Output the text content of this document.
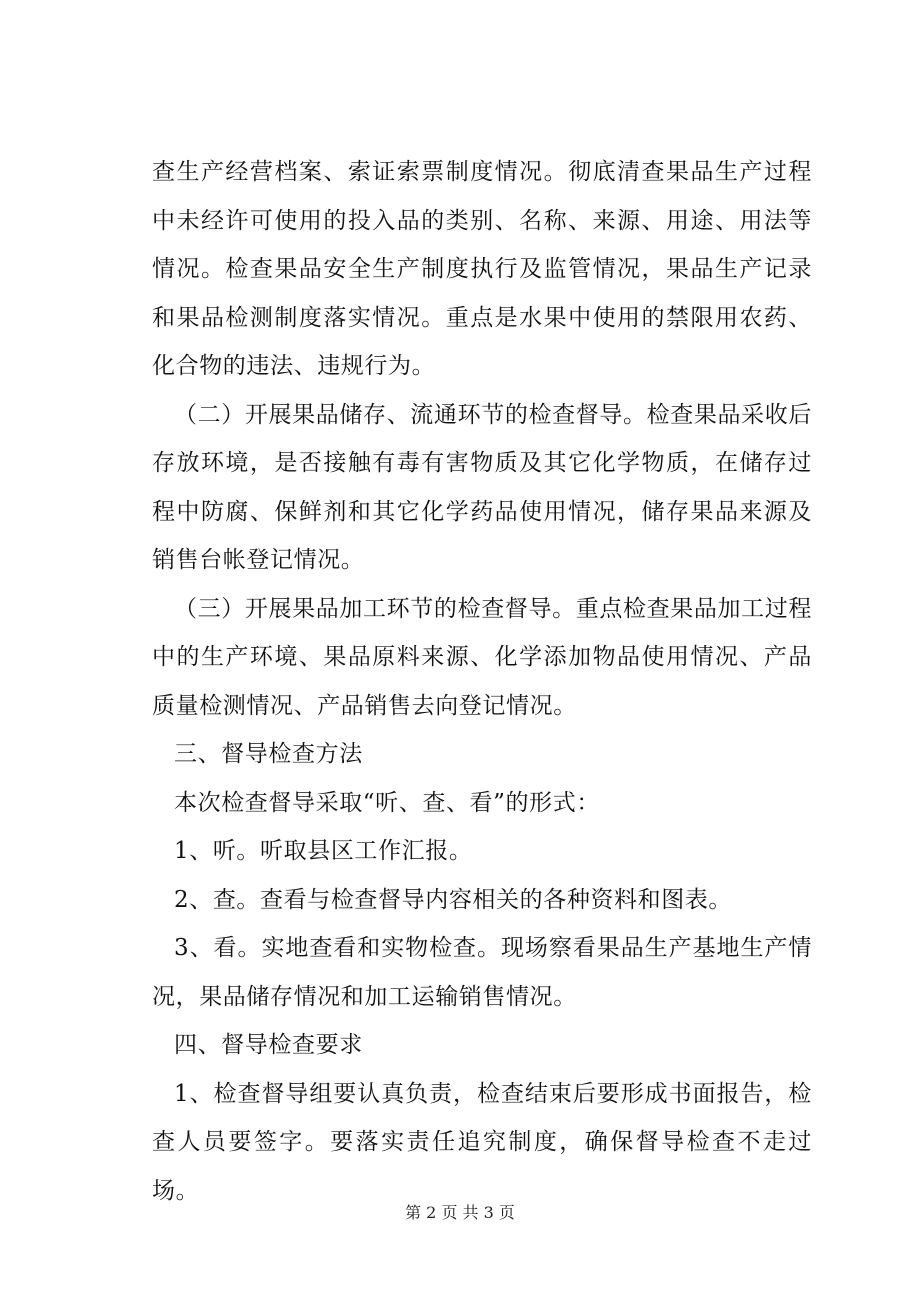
查生产经营档案、索证索票制度情况。彻底清查果品生产过程中未经许可使用的投入品的类别、名称、来源、用途、用法等情况。检查果品安全生产制度执行及监管情况，果品生产记录和果品检测制度落实情况。重点是水果中使用的禁限用农药、化合物的违法、违规行为。

（二）开展果品储存、流通环节的检查督导。检查果品采收后存放环境，是否接触有毒有害物质及其它化学物质，在储存过程中防腐、保鲜剂和其它化学药品使用情况，储存果品来源及销售台帐登记情况。

（三）开展果品加工环节的检查督导。重点检查果品加工过程中的生产环境、果品原料来源、化学添加物品使用情况、产品质量检测情况、产品销售去向登记情况。

三、督导检查方法

本次检查督导采取“听、查、看”的形式：

1、听。听取县区工作汇报。

2、查。查看与检查督导内容相关的各种资料和图表。

3、看。实地查看和实物检查。现场察看果品生产基地生产情况，果品储存情况和加工运输销售情况。

四、督导检查要求

1、检查督导组要认真负责，检查结束后要形成书面报告，检查人员要签字。要落实责任追究制度，确保督导检查不走过场。

第 2 页 共 3 页
